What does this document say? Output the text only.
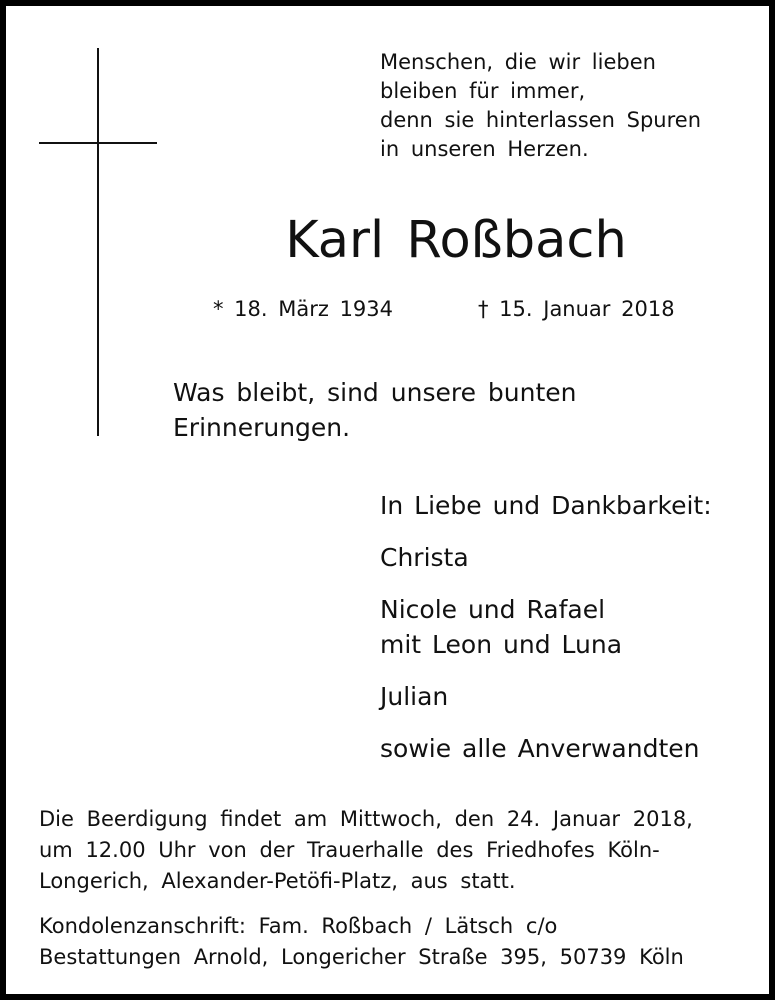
Menschen, die wir lieben
bleiben für immer,
denn sie hinterlassen Spuren
in unseren Herzen.
Karl Roßbach
* 18. März 1934	† 15. Januar 2018
Was bleibt, sind unsere bunten
Erinnerungen.
In Liebe und Dankbarkeit:
Christa
Nicole und Rafael
mit Leon und Luna
Julian
sowie alle Anverwandten
Die Beerdigung findet am Mittwoch, den 24. Januar 2018,
um 12.00 Uhr von der Trauerhalle des Friedhofes Köln-
Longerich, Alexander-Petöfi-Platz, aus statt.
Kondolenzanschrift: Fam. Roßbach / Lätsch c/o
Bestattungen Arnold, Longericher Straße 395, 50739 Köln
